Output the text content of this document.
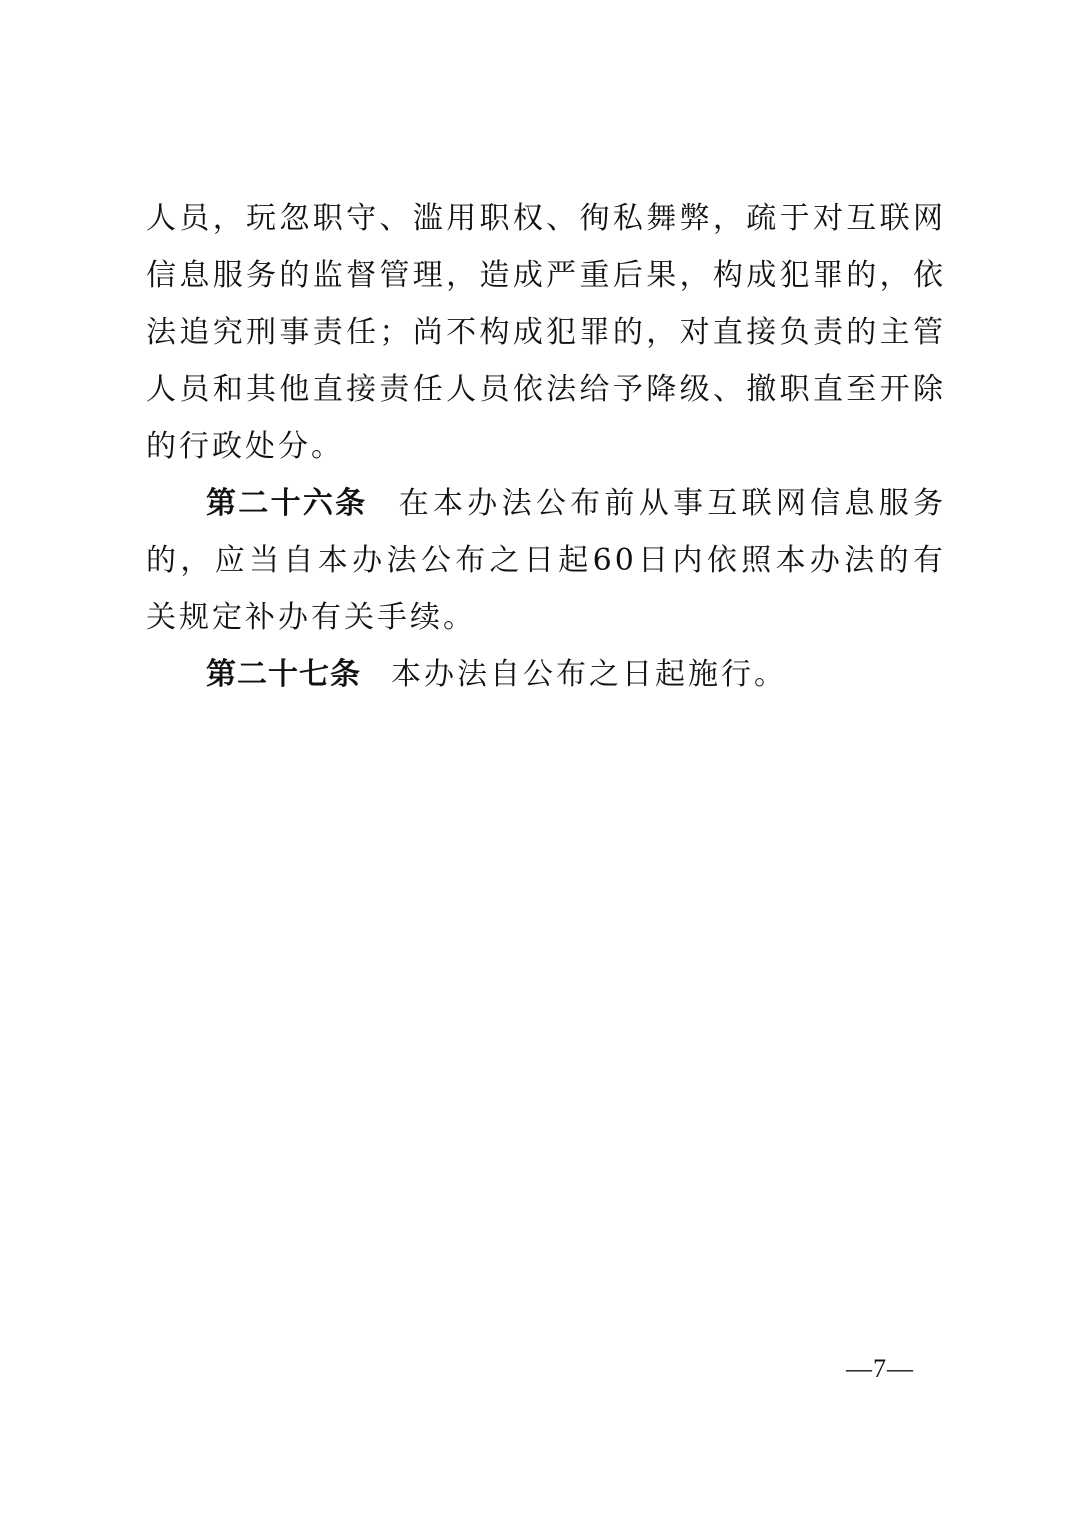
人员，玩忽职守、滥用职权、徇私舞弊，疏于对互联网信息服务的监督管理，造成严重后果，构成犯罪的，依法追究刑事责任；尚不构成犯罪的，对直接负责的主管人员和其他直接责任人员依法给予降级、撤职直至开除的行政处分。

第二十六条 在本办法公布前从事互联网信息服务的，应当自本办法公布之日起60日内依照本办法的有关规定补办有关手续。

第二十七条 本办法自公布之日起施行。

—7—
